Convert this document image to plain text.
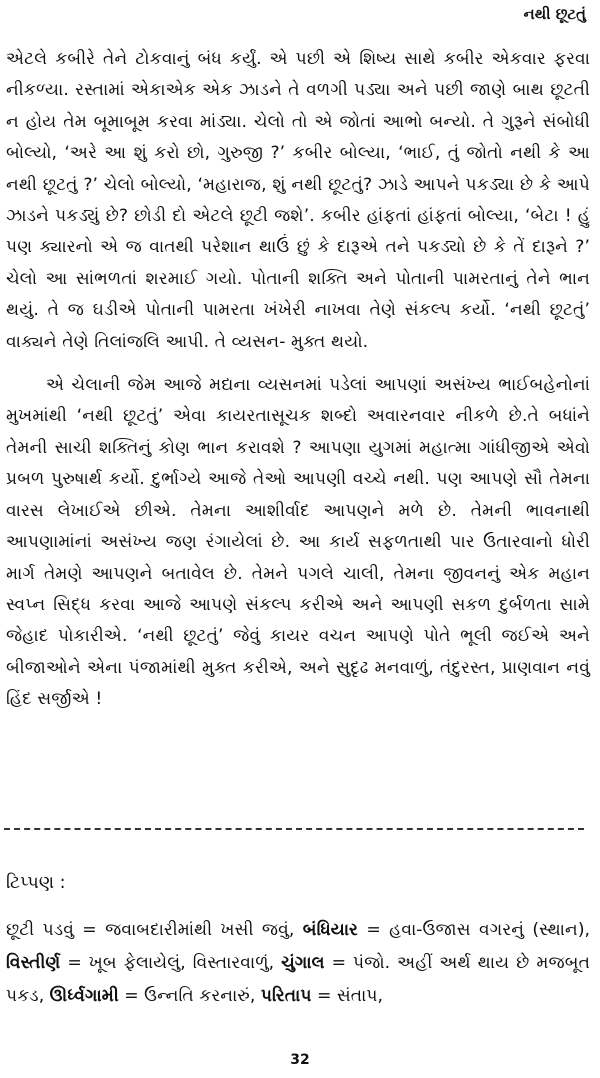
નથી છૂટતું

એટલે કબીરે તેને ટોકવાનું બંધ કર્યું. એ પછી એ શિષ્ય સાથે કબીર એકવાર ફરવા નીકળ્યા. રસ્તામાં એકાએક એક ઝાડને તે વળગી પડ્યા અને પછી જાણે બાથ છૂટતી ન હોય તેમ બૂમાબૂમ કરવા માંડ્યા. ચેલો તો એ જોતાં આભો બન્યો. તે ગુરૂને સંબોધી બોલ્યો, ‘અરે આ શું કરો છો, ગુરુજી ?’ કબીર બોલ્યા, ‘ભાઈ, તું જોતો નથી કે આ નથી છૂટતું ?’ ચેલો બોલ્યો, ‘મહારાજ, શું નથી છૂટતું? ઝાડે આપને પકડ્યા છે કે આપે ઝાડને પકડ્યું છે? છોડી દો એટલે છૂટી જશે’. કબીર હાંફતાં હાંફતાં બોલ્યા, ‘બેટા ! હું પણ ક્યારનો એ જ વાતથી પરેશાન થાઉં છું કે દારૂએ તને પકડ્યો છે કે તેં દારૂને ?’ ચેલો આ સાંભળતાં શરમાઈ ગયો. પોતાની શક્તિ અને પોતાની પામરતાનું તેને ભાન થયું. તે જ ઘડીએ પોતાની પામરતા ખંખેરી નાખવા તેણે સંકલ્પ કર્યો. ‘નથી છૂટતું’ વાક્યને તેણે તિલાંજલિ આપી. તે વ્યસન- મુક્ત થયો.

એ ચેલાની જેમ આજે મદ્યના વ્યસનમાં પડેલાં આપણાં અસંખ્ય ભાઈબહેનોનાં મુખમાંથી ‘નથી છૂટતું’ એવા કાયરતાસૂચક શબ્દો અવારનવાર નીકળે છે.તે બધાંને તેમની સાચી શક્તિનું કોણ ભાન કરાવશે ? આપણા યુગમાં મહાત્મા ગાંધીજીએ એવો પ્રબળ પુરુષાર્થ કર્યો. દુર્ભાગ્યે આજે તેઓ આપણી વચ્ચે નથી. પણ આપણે સૌ તેમના વારસ લેખાઈએ છીએ. તેમના આશીર્વાદ આપણને મળે છે. તેમની ભાવનાથી આપણામાંનાં અસંખ્ય જણ રંગાયેલાં છે. આ કાર્ય સફળતાથી પાર ઉતારવાનો ધોરી માર્ગ તેમણે આપણને બતાવેલ છે. તેમને પગલે ચાલી, તેમના જીવનનું એક મહાન સ્વપ્ન સિદ્ધ કરવા આજે આપણે સંકલ્પ કરીએ અને આપણી સકળ દુર્બળતા સામે જેહાદ પોકારીએ. ‘નથી છૂટતું’ જેવું કાયર વચન આપણે પોતે ભૂલી જઈએ અને બીજાઓને એના પંજામાંથી મુક્ત કરીએ, અને સુદૃઢ મનવાળું, તંદુરસ્ત, પ્રાણવાન નવું હિંદ સર્જીએ !

ટિપ્પણ :
છૂટી પડવું = જવાબદારીમાંથી ખસી જવું, બંધિયાર = હવા-ઉજાસ વગરનું (સ્થાન), વિસ્તીર્ણ = ખૂબ ફેલાયેલું, વિસ્તારવાળું, ચુંગાલ = પંજો. અહીં અર્થ થાય છે મજબૂત પકડ, ઊર્ધ્વગામી = ઉન્નતિ કરનારું, પરિતાપ = સંતાપ,
32
